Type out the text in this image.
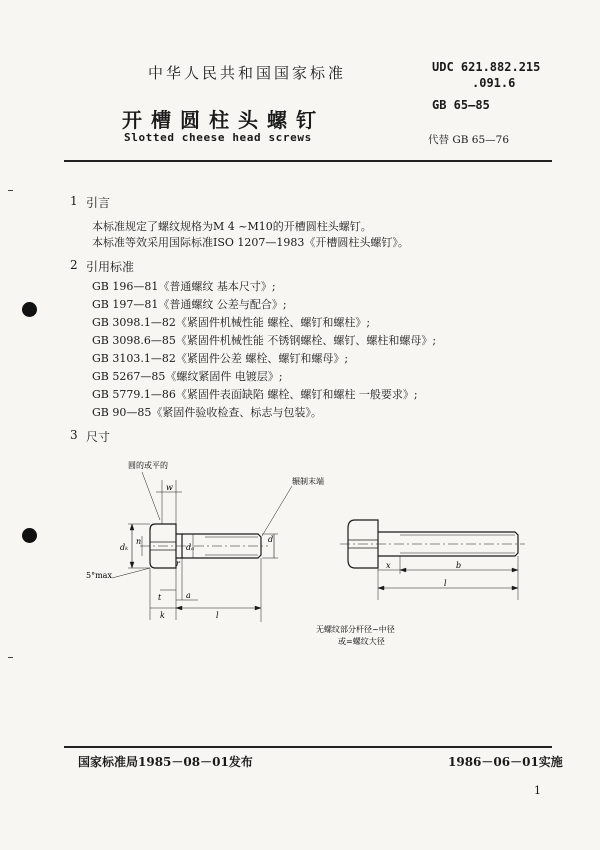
中华人民共和国国家标准
开槽圆柱头螺钉
Slotted cheese head screws
UDC 621.882.215
.091.6
GB 65—85
代替 GB 65—76
1 引言
本标准规定了螺纹规格为M 4 ~M10的开槽圆柱头螺钉。
本标准等效采用国际标准ISO 1207—1983《开槽圆柱头螺钉》。
2 引用标准
GB 196—81《普通螺纹 基本尺寸》;
GB 197—81《普通螺纹 公差与配合》;
GB 3098.1—82《紧固件机械性能 螺栓、螺钉和螺柱》;
GB 3098.6—85《紧固件机械性能 不锈钢螺栓、螺钉、螺柱和螺母》;
GB 3103.1—82《紧固件公差 螺栓、螺钉和螺母》;
GB 5267—85《螺纹紧固件 电镀层》;
GB 5779.1—86《紧固件表面缺陷 螺栓、螺钉和螺柱 一般要求》;
GB 90—85《紧固件验收检查、标志与包装》。
3 尺寸
圆的或平的
辗制末端
5°max
w
dₖ
n
dₐ
d
r
t	a
k	l
x	b
l
无螺纹部分杆径~中径
或=螺纹大径
国家标准局1985－08－01发布	1986－06－01实施
1
